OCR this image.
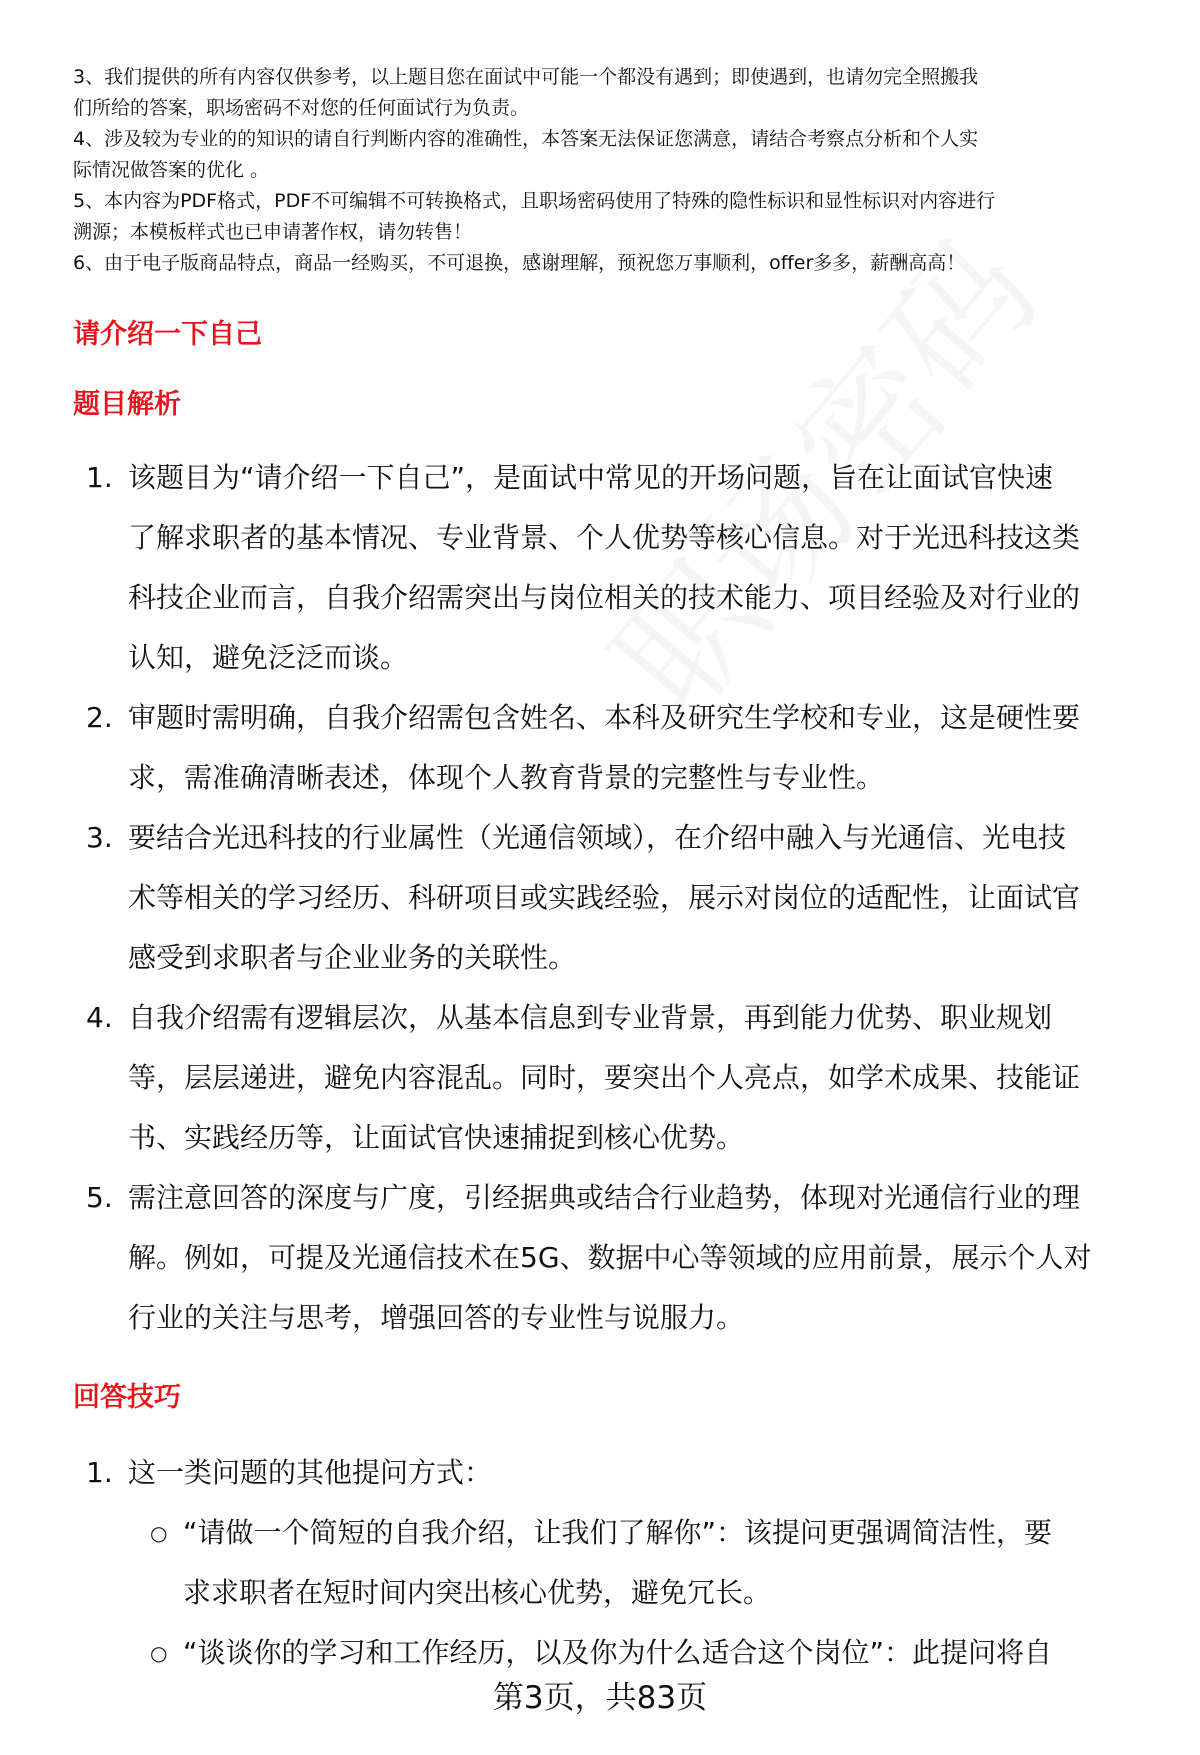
3、我们提供的所有内容仅供参考，以上题目您在面试中可能一个都没有遇到；即使遇到，也请勿完全照搬我
们所给的答案，职场密码不对您的任何面试行为负责。
4、涉及较为专业的的知识的请自行判断内容的准确性，本答案无法保证您满意，请结合考察点分析和个人实
际情况做答案的优化 。
5、本内容为PDF格式，PDF不可编辑不可转换格式，且职场密码使用了特殊的隐性标识和显性标识对内容进行
溯源；本模板样式也已申请著作权，请勿转售！
6、由于电子版商品特点，商品一经购买，不可退换，感谢理解，预祝您万事顺利，offer多多，薪酬高高！
请介绍一下自己
题目解析
1. 该题目为“请介绍一下自己”，是面试中常见的开场问题，旨在让面试官快速
了解求职者的基本情况、专业背景、个人优势等核心信息。对于光迅科技这类
科技企业而言，自我介绍需突出与岗位相关的技术能力、项目经验及对行业的
认知，避免泛泛而谈。
2. 审题时需明确，自我介绍需包含姓名、本科及研究生学校和专业，这是硬性要
求，需准确清晰表述，体现个人教育背景的完整性与专业性。
3. 要结合光迅科技的行业属性（光通信领域），在介绍中融入与光通信、光电技
术等相关的学习经历、科研项目或实践经验，展示对岗位的适配性，让面试官
感受到求职者与企业业务的关联性。
4. 自我介绍需有逻辑层次，从基本信息到专业背景，再到能力优势、职业规划
等，层层递进，避免内容混乱。同时，要突出个人亮点，如学术成果、技能证
书、实践经历等，让面试官快速捕捉到核心优势。
5. 需注意回答的深度与广度，引经据典或结合行业趋势，体现对光通信行业的理
解。例如，可提及光通信技术在5G、数据中心等领域的应用前景，展示个人对
行业的关注与思考，增强回答的专业性与说服力。
回答技巧
1. 这一类问题的其他提问方式：
○ “请做一个简短的自我介绍，让我们了解你”：该提问更强调简洁性，要
求求职者在短时间内突出核心优势，避免冗长。
○ “谈谈你的学习和工作经历，以及你为什么适合这个岗位”：此提问将自
第3页，共83页
